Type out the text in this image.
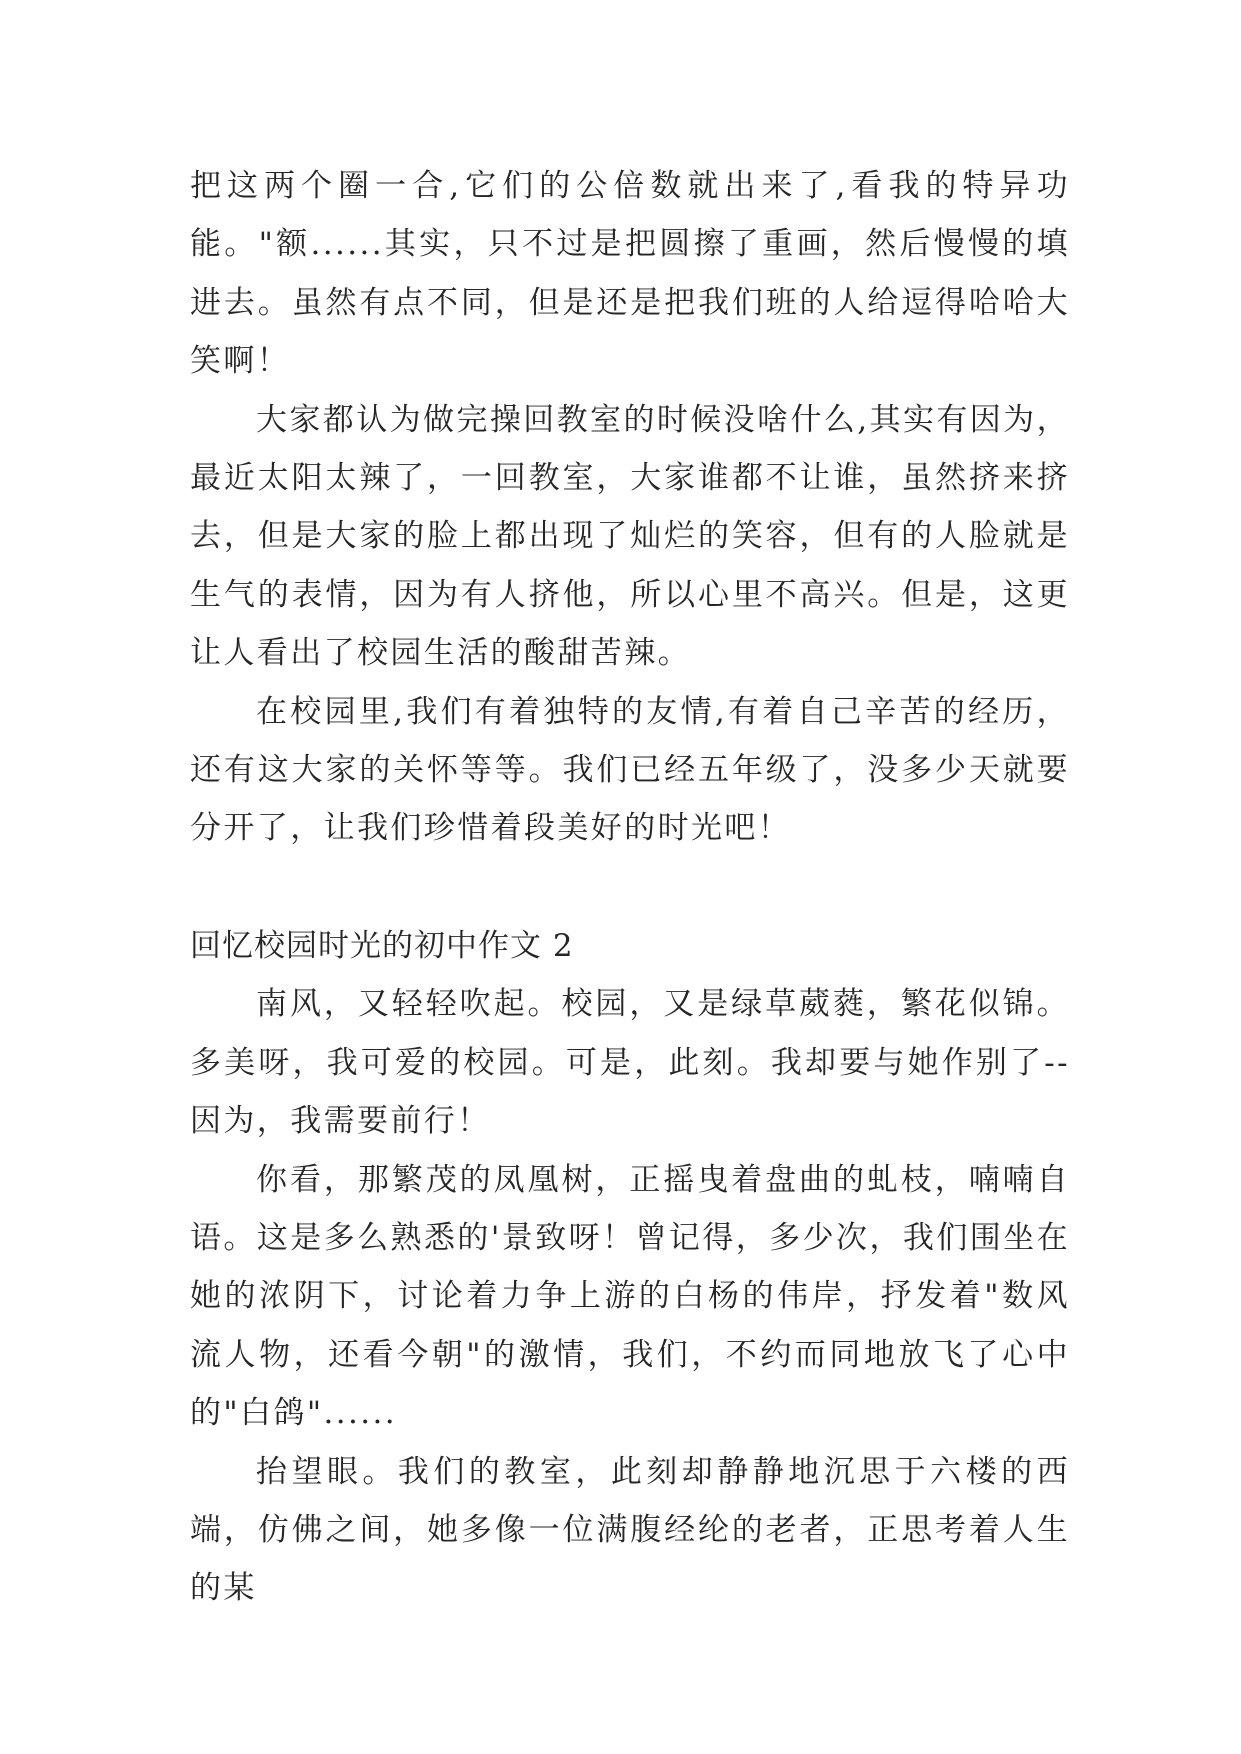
把这两个圈一合,它们的公倍数就出来了,看我的特异功能。"额......其实，只不过是把圆擦了重画，然后慢慢的填进去。虽然有点不同，但是还是把我们班的人给逗得哈哈大笑啊！

大家都认为做完操回教室的时候没啥什么,其实有因为，最近太阳太辣了，一回教室，大家谁都不让谁，虽然挤来挤去，但是大家的脸上都出现了灿烂的笑容，但有的人脸就是生气的表情，因为有人挤他，所以心里不高兴。但是，这更让人看出了校园生活的酸甜苦辣。

在校园里,我们有着独特的友情,有着自己辛苦的经历，还有这大家的关怀等等。我们已经五年级了，没多少天就要分开了，让我们珍惜着段美好的时光吧！

回忆校园时光的初中作文 2

南风，又轻轻吹起。校园，又是绿草葳蕤，繁花似锦。多美呀，我可爱的校园。可是，此刻。我却要与她作别了--因为，我需要前行！

你看，那繁茂的凤凰树，正摇曳着盘曲的虬枝，喃喃自语。这是多么熟悉的'景致呀！曾记得，多少次，我们围坐在她的浓阴下，讨论着力争上游的白杨的伟岸，抒发着"数风流人物，还看今朝"的激情，我们，不约而同地放飞了心中的"白鸽"......

抬望眼。我们的教室，此刻却静静地沉思于六楼的西端，仿佛之间，她多像一位满腹经纶的老者，正思考着人生的某
